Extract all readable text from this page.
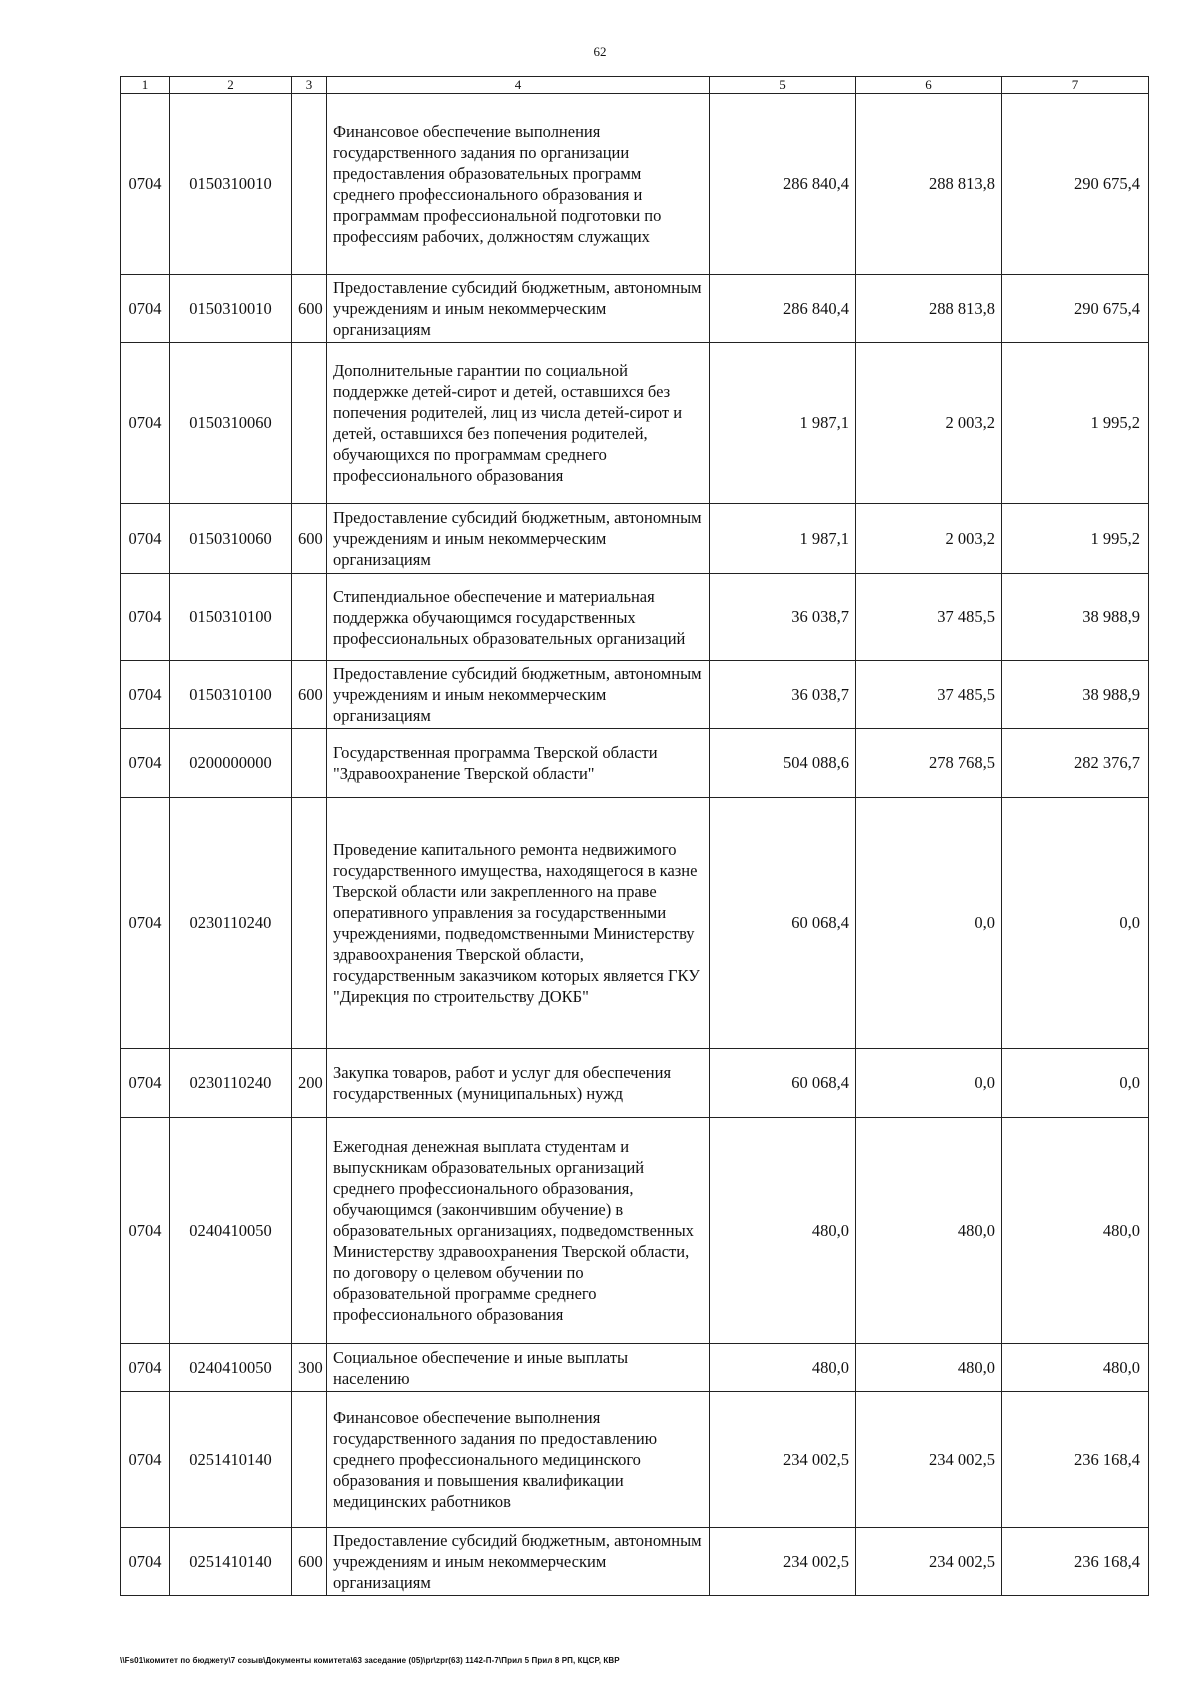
62
1	2	3	4	5	6	7
0704	0150310010		Финансовое обеспечение выполнения государственного задания по организации предоставления образовательных программ среднего профессионального образования и программам профессиональной подготовки по профессиям рабочих, должностям служащих	286 840,4	288 813,8	290 675,4
0704	0150310010	600	Предоставление субсидий бюджетным, автономным учреждениям и иным некоммерческим организациям	286 840,4	288 813,8	290 675,4
0704	0150310060		Дополнительные гарантии по социальной поддержке детей-сирот и детей, оставшихся без попечения родителей, лиц из числа детей-сирот и детей, оставшихся без попечения родителей, обучающихся по программам среднего профессионального образования	1 987,1	2 003,2	1 995,2
0704	0150310060	600	Предоставление субсидий бюджетным, автономным учреждениям и иным некоммерческим организациям	1 987,1	2 003,2	1 995,2
0704	0150310100		Стипендиальное обеспечение и материальная поддержка обучающимся государственных профессиональных образовательных организаций	36 038,7	37 485,5	38 988,9
0704	0150310100	600	Предоставление субсидий бюджетным, автономным учреждениям и иным некоммерческим организациям	36 038,7	37 485,5	38 988,9
0704	0200000000		Государственная программа Тверской области "Здравоохранение Тверской области"	504 088,6	278 768,5	282 376,7
0704	0230110240		Проведение капитального ремонта недвижимого государственного имущества, находящегося в казне Тверской области или закрепленного на праве оперативного управления за государственными учреждениями, подведомственными Министерству здравоохранения Тверской области, государственным заказчиком которых является ГКУ "Дирекция по строительству ДОКБ"	60 068,4	0,0	0,0
0704	0230110240	200	Закупка товаров, работ и услуг для обеспечения государственных (муниципальных) нужд	60 068,4	0,0	0,0
0704	0240410050		Ежегодная денежная выплата студентам и выпускникам образовательных организаций среднего профессионального образования, обучающимся (закончившим обучение) в образовательных организациях, подведомственных Министерству здравоохранения Тверской области, по договору о целевом обучении по образовательной программе среднего профессионального образования	480,0	480,0	480,0
0704	0240410050	300	Социальное обеспечение и иные выплаты населению	480,0	480,0	480,0
0704	0251410140		Финансовое обеспечение выполнения государственного задания по предоставлению среднего профессионального медицинского образования и повышения квалификации медицинских работников	234 002,5	234 002,5	236 168,4
0704	0251410140	600	Предоставление субсидий бюджетным, автономным учреждениям и иным некоммерческим организациям	234 002,5	234 002,5	236 168,4
\\Fs01\комитет по бюджету\7 созыв\Документы комитета\63 заседание (05)\pr\zpr(63) 1142-П-7\Прил 5 Прил 8 РП, КЦСР, КВР
